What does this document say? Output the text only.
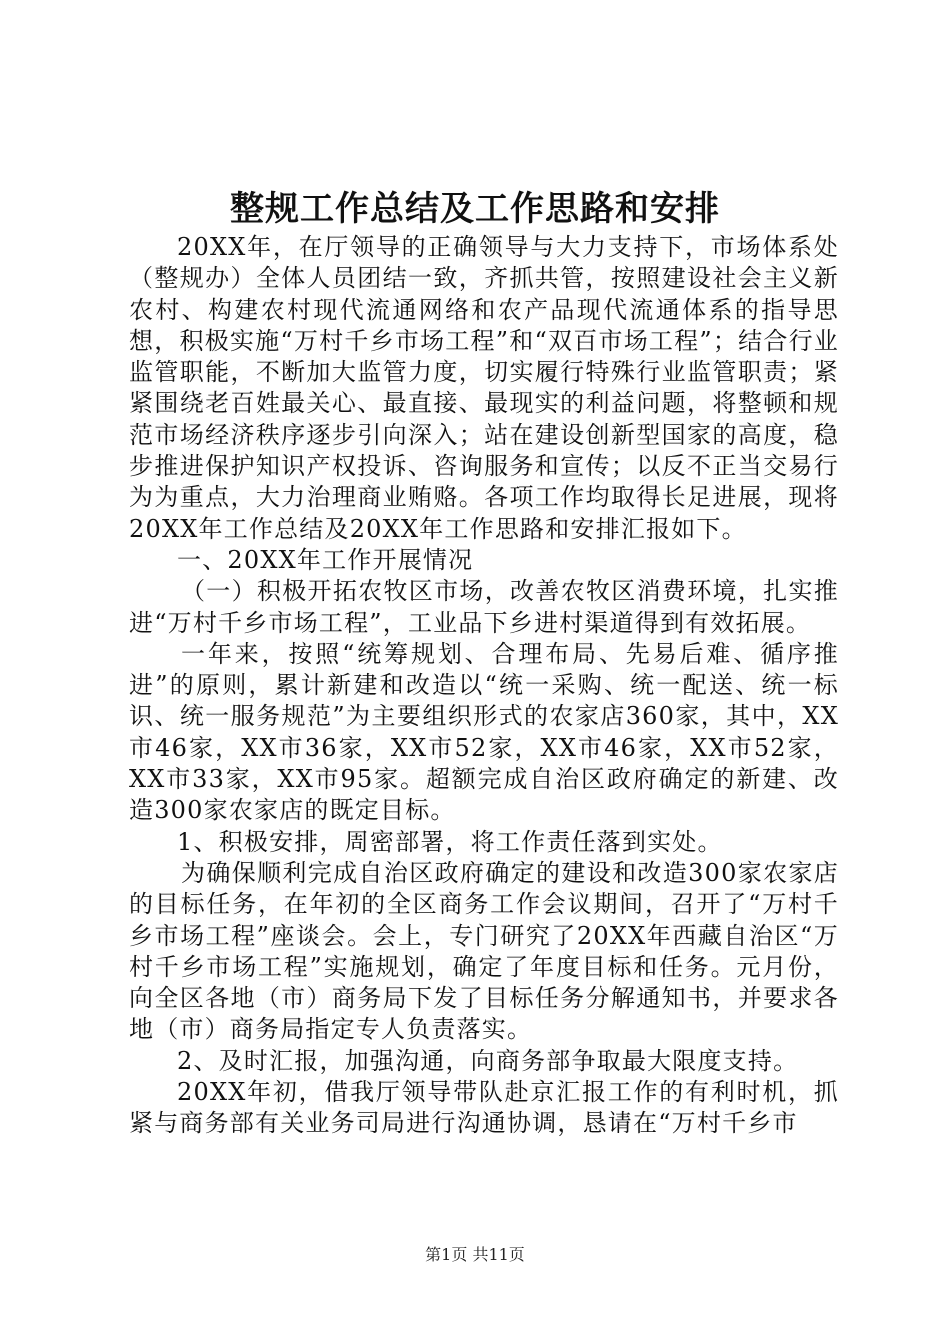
整规工作总结及工作思路和安排

20XX年，在厅领导的正确领导与大力支持下，市场体系处（整规办）全体人员团结一致，齐抓共管，按照建设社会主义新农村、构建农村现代流通网络和农产品现代流通体系的指导思想，积极实施“万村千乡市场工程”和“双百市场工程”；结合行业监管职能，不断加大监管力度，切实履行特殊行业监管职责；紧紧围绕老百姓最关心、最直接、最现实的利益问题，将整顿和规范市场经济秩序逐步引向深入；站在建设创新型国家的高度，稳步推进保护知识产权投诉、咨询服务和宣传；以反不正当交易行为为重点，大力治理商业贿赂。各项工作均取得长足进展，现将20XX年工作总结及20XX年工作思路和安排汇报如下。

一、20XX年工作开展情况

（一）积极开拓农牧区市场，改善农牧区消费环境，扎实推进“万村千乡市场工程”，工业品下乡进村渠道得到有效拓展。

一年来，按照“统筹规划、合理布局、先易后难、循序推进”的原则，累计新建和改造以“统一采购、统一配送、统一标识、统一服务规范”为主要组织形式的农家店360家，其中，XX市46家，XX市36家，XX市52家，XX市46家，XX市52家，XX市33家，XX市95家。超额完成自治区政府确定的新建、改造300家农家店的既定目标。

1、积极安排，周密部署，将工作责任落到实处。

为确保顺利完成自治区政府确定的建设和改造300家农家店的目标任务，在年初的全区商务工作会议期间，召开了“万村千乡市场工程”座谈会。会上，专门研究了20XX年西藏自治区“万村千乡市场工程”实施规划，确定了年度目标和任务。元月份，向全区各地（市）商务局下发了目标任务分解通知书，并要求各地（市）商务局指定专人负责落实。

2、及时汇报，加强沟通，向商务部争取最大限度支持。

20XX年初，借我厅领导带队赴京汇报工作的有利时机，抓紧与商务部有关业务司局进行沟通协调，恳请在“万村千乡市

第1页 共11页
